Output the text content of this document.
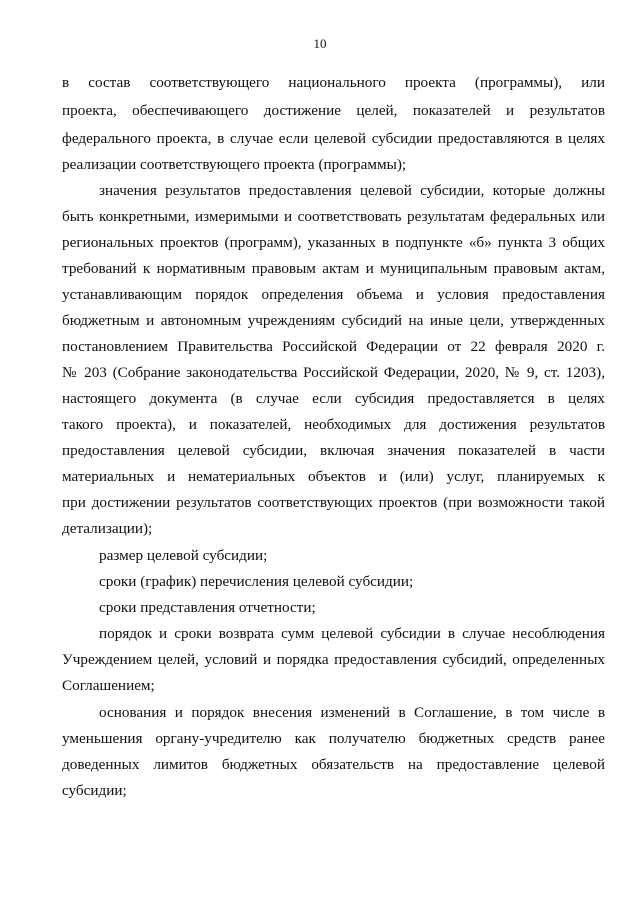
10
в состав соответствующего национального проекта (программы), или
проекта, обеспечивающего достижение целей, показателей и результатов
федерального проекта, в случае если целевой субсидии предоставляются в целях
реализации соответствующего проекта (программы);
значения результатов предоставления целевой субсидии, которые должны
быть конкретными, измеримыми и соответствовать результатам федеральных или
региональных проектов (программ), указанных в подпункте «б» пункта 3 общих
требований к нормативным правовым актам и муниципальным правовым актам,
устанавливающим порядок определения объема и условия предоставления
бюджетным и автономным учреждениям субсидий на иные цели, утвержденных
постановлением Правительства Российской Федерации от 22 февраля 2020 г.
№ 203 (Собрание законодательства Российской Федерации, 2020, № 9, ст. 1203),
настоящего документа (в случае если субсидия предоставляется в целях
такого проекта), и показателей, необходимых для достижения результатов
предоставления целевой субсидии, включая значения показателей в части
материальных и нематериальных объектов и (или) услуг, планируемых к
при достижении результатов соответствующих проектов (при возможности такой
детализации);
размер целевой субсидии;
сроки (график) перечисления целевой субсидии;
сроки представления отчетности;
порядок и сроки возврата сумм целевой субсидии в случае несоблюдения
Учреждением целей, условий и порядка предоставления субсидий, определенных
Соглашением;
основания и порядок внесения изменений в Соглашение, в том числе в
уменьшения органу-учредителю как получателю бюджетных средств ранее
доведенных лимитов бюджетных обязательств на предоставление целевой
субсидии;
